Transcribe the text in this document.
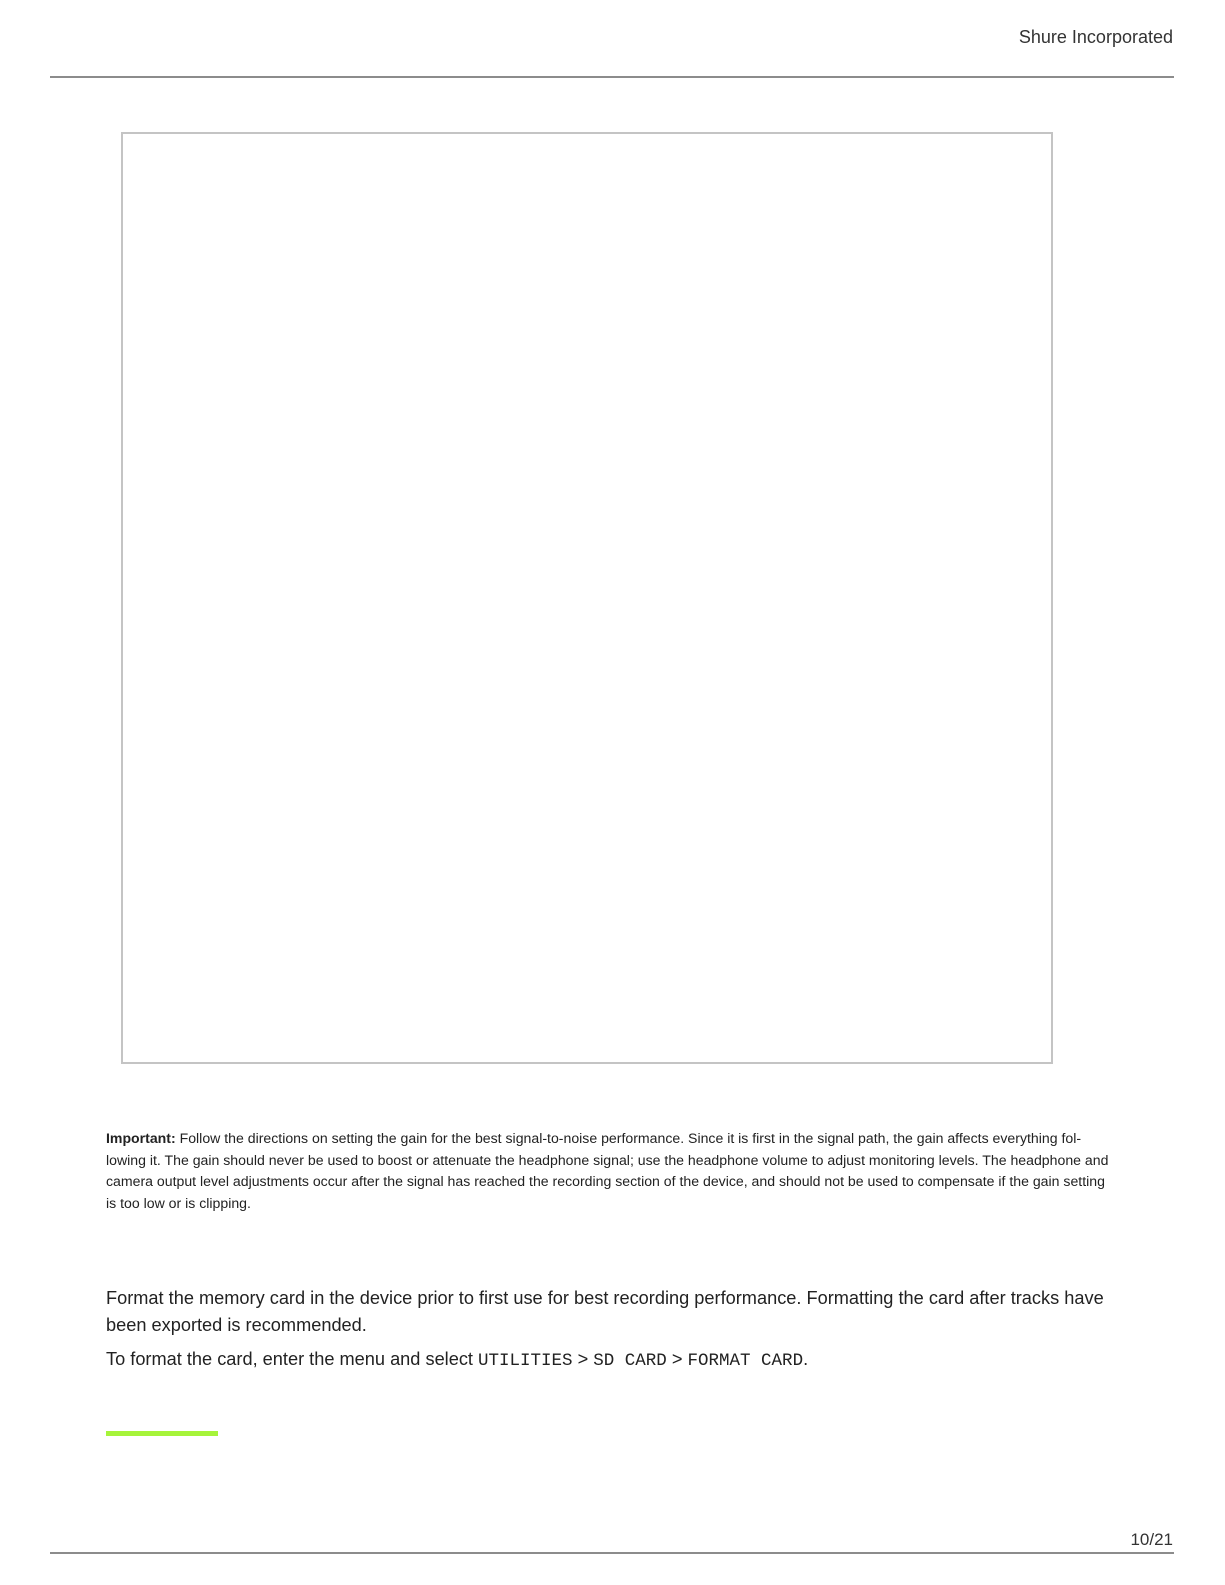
Shure Incorporated
Important: Follow the directions on setting the gain for the best signal-to-noise performance. Since it is first in the signal path, the gain affects everything fol-lowing it. The gain should never be used to boost or attenuate the headphone signal; use the headphone volume to adjust monitoring levels. The headphone and camera output level adjustments occur after the signal has reached the recording section of the device, and should not be used to compensate if the gain setting is too low or is clipping.

Format the memory card in the device prior to first use for best recording performance. Formatting the card after tracks have been exported is recommended.

To format the card, enter the menu and select UTILITIES > SD CARD > FORMAT CARD.

10/21
